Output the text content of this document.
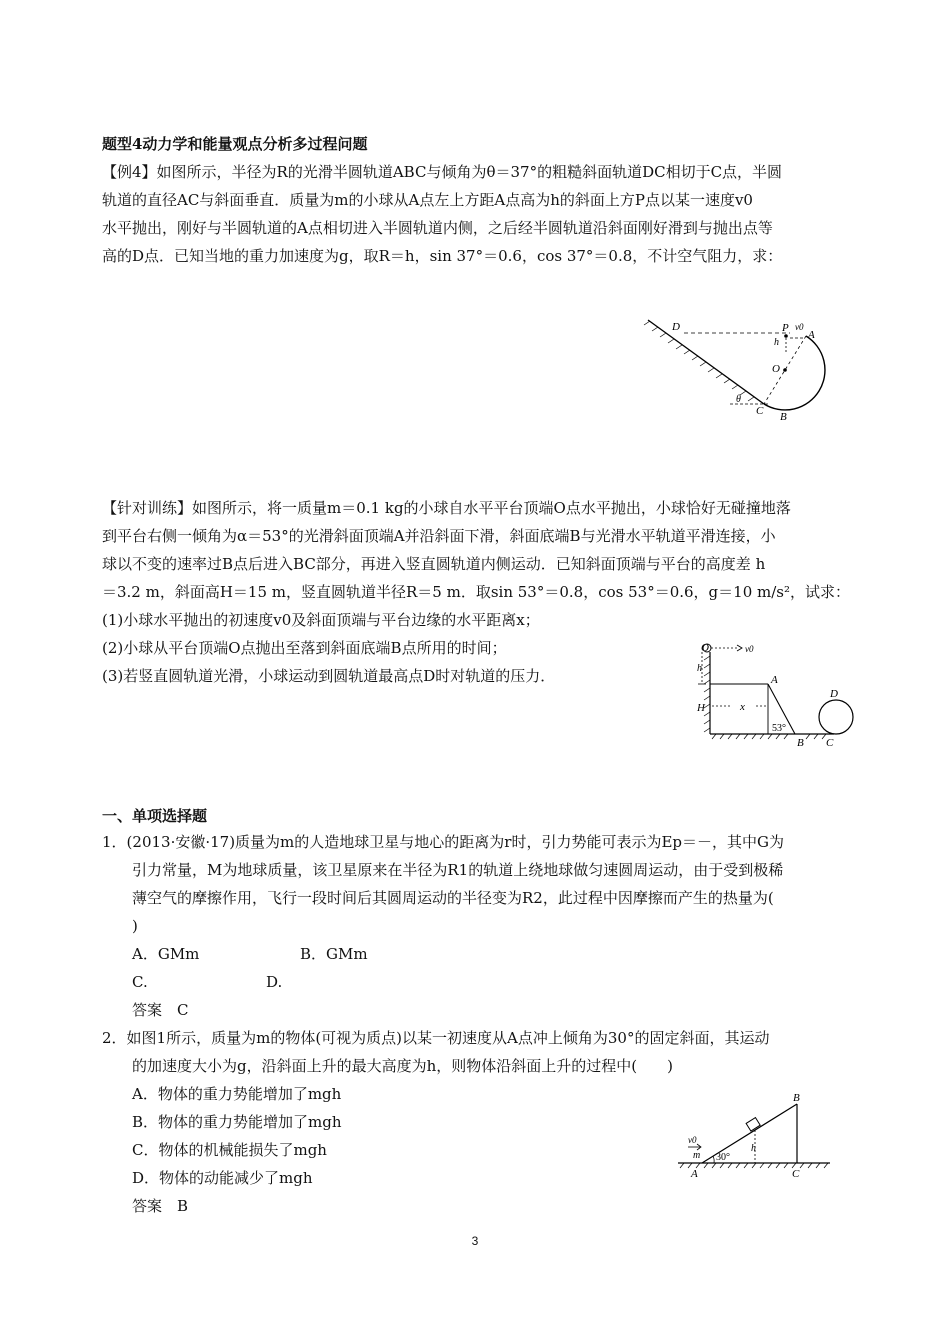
题型4动力学和能量观点分析多过程问题
【例4】如图所示，半径为R的光滑半圆轨道ABC与倾角为θ＝37°的粗糙斜面轨道DC相切于C点，半圆
轨道的直径AC与斜面垂直．质量为m的小球从A点左上方距A点高为h的斜面上方P点以某一速度v0
水平抛出，刚好与半圆轨道的A点相切进入半圆轨道内侧，之后经半圆轨道沿斜面刚好滑到与抛出点等
高的D点．已知当地的重力加速度为g，取R＝h，sin 37°＝0.6，cos 37°＝0.8，不计空气阻力，求：
D	P v0
A
h
O
θ
C B
【针对训练】如图所示，将一质量m＝0.1 kg的小球自水平平台顶端O点水平抛出，小球恰好无碰撞地落
到平台右侧一倾角为α＝53°的光滑斜面顶端A并沿斜面下滑，斜面底端B与光滑水平轨道平滑连接，小
球以不变的速率过B点后进入BC部分，再进入竖直圆轨道内侧运动．已知斜面顶端与平台的高度差 h
＝3.2 m，斜面高H＝15 m，竖直圆轨道半径R＝5 m．取sin 53°＝0.8，cos 53°＝0.6，g＝10 m/s²，试求：
(1)小球水平抛出的初速度v0及斜面顶端与平台边缘的水平距离x；
(2)小球从平台顶端O点抛出至落到斜面底端B点所用的时间；
(3)若竖直圆轨道光滑，小球运动到圆轨道最高点D时对轨道的压力．
O	v0
h
A
H	x
53°
D
B C
一、单项选择题
1．(2013·安徽·17)质量为m的人造地球卫星与地心的距离为r时，引力势能可表示为Ep＝－，其中G为
引力常量，M为地球质量，该卫星原来在半径为R1的轨道上绕地球做匀速圆周运动，由于受到极稀
薄空气的摩擦作用，飞行一段时间后其圆周运动的半径变为R2，此过程中因摩擦而产生的热量为(
)
A．GMm	B．GMm
C.	D.
答案　C
2．如图1所示，质量为m的物体(可视为质点)以某一初速度从A点冲上倾角为30°的固定斜面，其运动
的加速度大小为g，沿斜面上升的最大高度为h，则物体沿斜面上升的过程中(　　)
A．物体的重力势能增加了mgh
B．物体的重力势能增加了mgh
C．物体的机械能损失了mgh
D．物体的动能减少了mgh
答案　B
B
v0
m 30°
h
A	C
3
